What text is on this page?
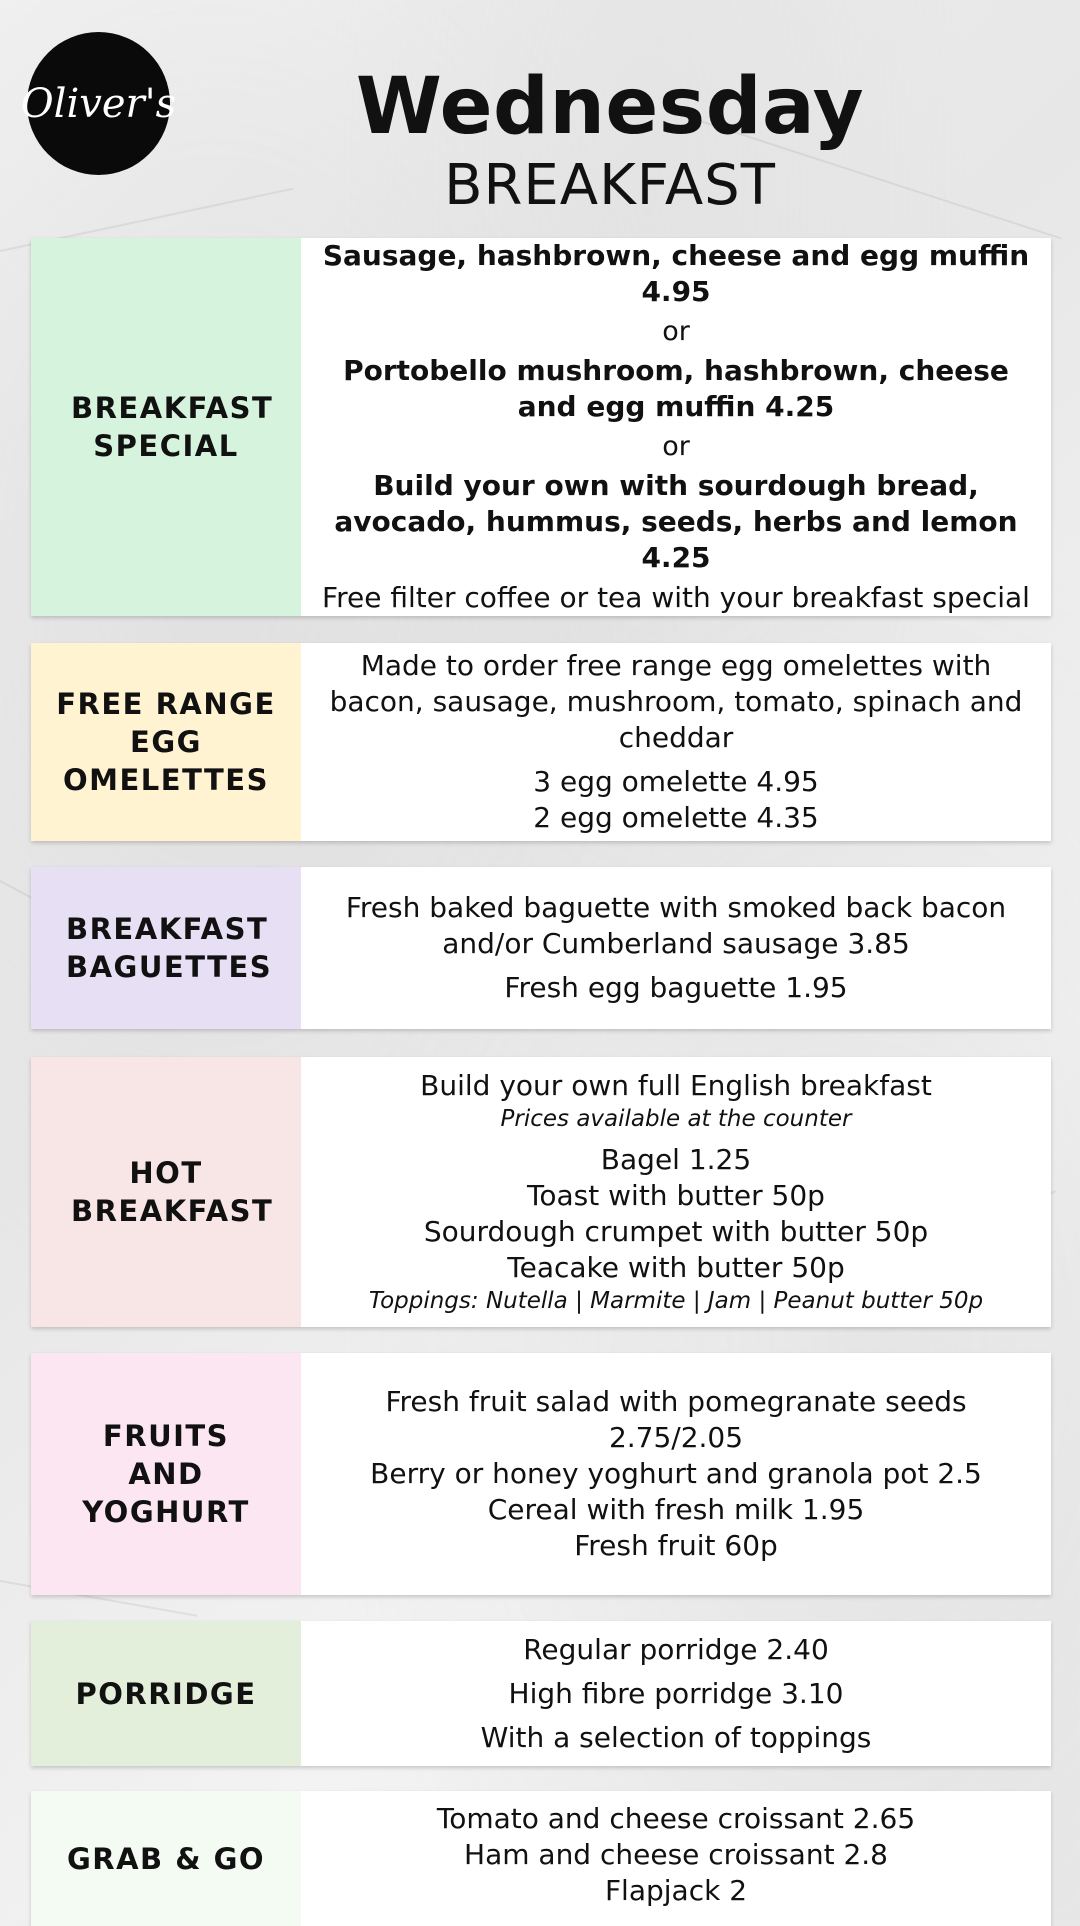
Oliver's Wednesday
BREAKFAST
BREAKFAST SPECIAL

Sausage, hashbrown, cheese and egg muffin 4.95

or

Portobello mushroom, hashbrown, cheese and egg muffin 4.25

or

Build your own with sourdough bread, avocado, hummus, seeds, herbs and lemon 4.25

Free filter coffee or tea with your breakfast special

FREE RANGE EGG OMELETTES

Made to order free range egg omelettes with bacon, sausage, mushroom, tomato, spinach and cheddar

3 egg omelette 4.95

2 egg omelette 4.35

BREAKFAST BAGUETTES

Fresh baked baguette with smoked back bacon and/or Cumberland sausage 3.85

Fresh egg baguette 1.95

HOT BREAKFAST

Build your own full English breakfast

Prices available at the counter

Bagel 1.25

Toast with butter 50p

Sourdough crumpet with butter 50p

Teacake with butter 50p

Toppings: Nutella | Marmite | Jam | Peanut butter 50p

FRUITS AND YOGHURT

Fresh fruit salad with pomegranate seeds 2.75/2.05

Berry or honey yoghurt and granola pot 2.5

Cereal with fresh milk 1.95

Fresh fruit 60p

PORRIDGE

Regular porridge 2.40

High fibre porridge 3.10

With a selection of toppings

GRAB & GO

Tomato and cheese croissant 2.65

Ham and cheese croissant 2.8

Flapjack 2
